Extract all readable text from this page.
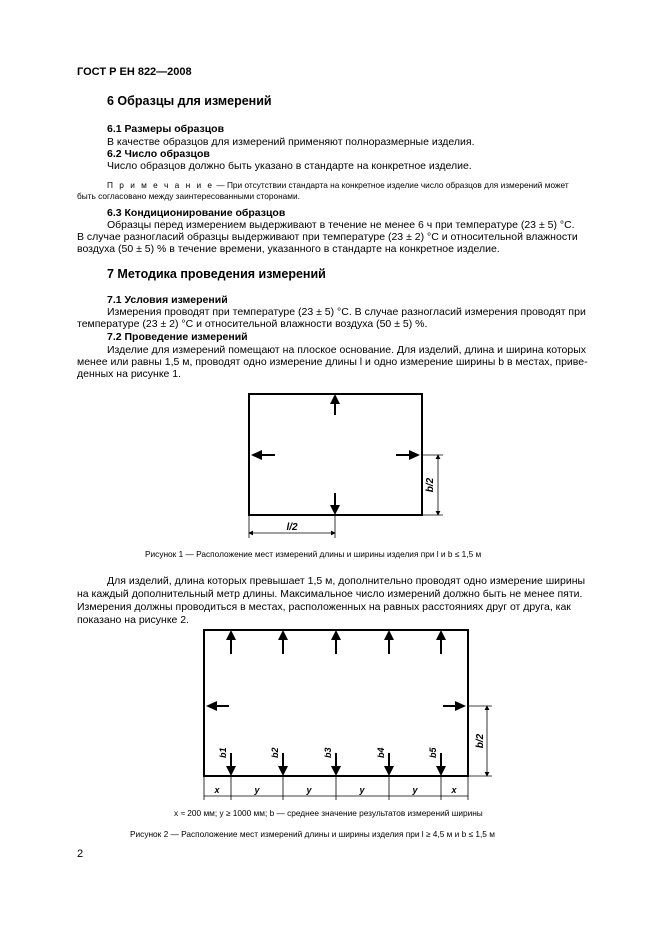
ГОСТ Р ЕН 822—2008
6 Образцы для измерений
6.1 Размеры образцов
В качестве образцов для измерений применяют полноразмерные изделия.
6.2 Число образцов
Число образцов должно быть указано в стандарте на конкретное изделие.
П р и м е ч а н и е — При отсутствии стандарта на конкретное изделие число образцов для измерений может
быть согласовано между заинтересованными сторонами.
6.3 Кондиционирование образцов
Образцы перед измерением выдерживают в течение не менее 6 ч при температуре (23 ± 5) °С.
В случае разногласий образцы выдерживают при температуре (23 ± 2) °С и относительной влажности
воздуха (50 ± 5) % в течение времени, указанного в стандарте на конкретное изделие.
7 Методика проведения измерений
7.1 Условия измерений
Измерения проводят при температуре (23 ± 5) °С. В случае разногласий измерения проводят при
температуре (23 ± 2) °С и относительной влажности воздуха (50 ± 5) %.
7.2 Проведение измерений
Изделие для измерений помещают на плоское основание. Для изделий, длина и ширина которых
менее или равны 1,5 м, проводят одно измерение длины l и одно измерение ширины b в местах, приве-
денных на рисунке 1.
b/2
l/2
Рисунок 1 — Расположение мест измерений длины и ширины изделия при l и b ≤ 1,5 м
Для изделий, длина которых превышает 1,5 м, дополнительно проводят одно измерение ширины
на каждый дополнительный метр длины. Максимальное число измерений должно быть не менее пяти.
Измерения должны проводиться в местах, расположенных на равных расстояниях друг от друга, как
показано на рисунке 2.
b1	b2	b3	b4	b5
b/2
x	y	y	y	y	x
x ≈ 200 мм; y ≥ 1000 мм; b — среднее значение результатов измерений ширины
Рисунок 2 — Расположение мест измерений длины и ширины изделия при l ≥ 4,5 м и b ≤ 1,5 м
2
